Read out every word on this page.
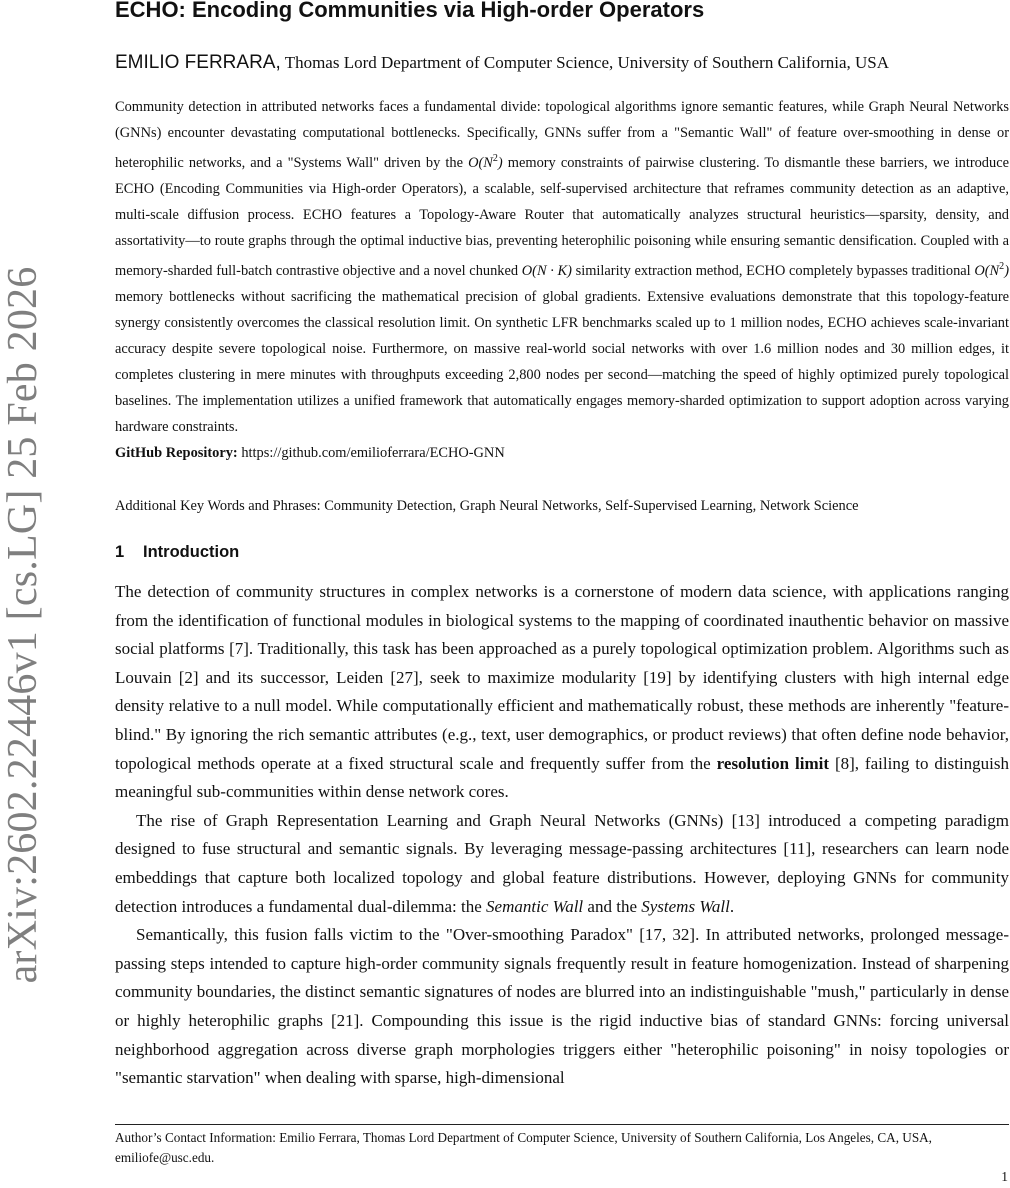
arXiv:2602.22446v1 [cs.LG] 25 Feb 2026
ECHO: Encoding Communities via High-order Operators
EMILIO FERRARA, Thomas Lord Department of Computer Science, University of Southern California, USA

Community detection in attributed networks faces a fundamental divide: topological algorithms ignore semantic features, while Graph Neural Networks (GNNs) encounter devastating computational bottlenecks. Specifically, GNNs suffer from a "Semantic Wall" of feature over-smoothing in dense or heterophilic networks, and a "Systems Wall" driven by the $O(N^2)$ memory constraints of pairwise clustering. To dismantle these barriers, we introduce ECHO (Encoding Communities via High-order Operators), a scalable, self-supervised architecture that reframes community detection as an adaptive, multi-scale diffusion process. ECHO features a Topology-Aware Router that automatically analyzes structural heuristics—sparsity, density, and assortativity—to route graphs through the optimal inductive bias, preventing heterophilic poisoning while ensuring semantic densification. Coupled with a memory-sharded full-batch contrastive objective and a novel chunked O(N · K) similarity extraction method, ECHO completely bypasses traditional $O(N^2)$ memory bottlenecks without sacrificing the mathematical precision of global gradients. Extensive evaluations demonstrate that this topology-feature synergy consistently overcomes the classical resolution limit. On synthetic LFR benchmarks scaled up to 1 million nodes, ECHO achieves scale-invariant accuracy despite severe topological noise. Furthermore, on massive real-world social networks with over 1.6 million nodes and 30 million edges, it completes clustering in mere minutes with throughputs exceeding 2,800 nodes per second—matching the speed of highly optimized purely topological baselines. The implementation utilizes a unified framework that automatically engages memory-sharded optimization to support adoption across varying hardware constraints.

GitHub Repository: https://github.com/emilioferrara/ECHO-GNN

Additional Key Words and Phrases: Community Detection, Graph Neural Networks, Self-Supervised Learning, Network Science
1 Introduction

The detection of community structures in complex networks is a cornerstone of modern data science, with applications ranging from the identification of functional modules in biological systems to the mapping of coordinated inauthentic behavior on massive social platforms [7]. Traditionally, this task has been approached as a purely topological optimization problem. Algorithms such as Louvain [2] and its successor, Leiden [27], seek to maximize modularity [19] by identifying clusters with high internal edge density relative to a null model. While computationally efficient and mathematically robust, these methods are inherently "feature-blind." By ignoring the rich semantic attributes (e.g., text, user demographics, or product reviews) that often define node behavior, topological methods operate at a fixed structural scale and frequently suffer from the resolution limit [8], failing to distinguish meaningful sub-communities within dense network cores.

The rise of Graph Representation Learning and Graph Neural Networks (GNNs) [13] introduced a competing paradigm designed to fuse structural and semantic signals. By leveraging message-passing architectures [11], researchers can learn node embeddings that capture both localized topology and global feature distributions. However, deploying GNNs for community detection introduces a fundamental dual-dilemma: the Semantic Wall and the Systems Wall.

Semantically, this fusion falls victim to the "Over-smoothing Paradox" [17, 32]. In attributed networks, prolonged message-passing steps intended to capture high-order community signals frequently result in feature homogenization. Instead of sharpening community boundaries, the distinct semantic signatures of nodes are blurred into an indistinguishable "mush," particularly in dense or highly heterophilic graphs [21]. Compounding this issue is the rigid inductive bias of standard GNNs: forcing universal neighborhood aggregation across diverse graph morphologies triggers either "heterophilic poisoning" in noisy topologies or "semantic starvation" when dealing with sparse, high-dimensional

Author’s Contact Information: Emilio Ferrara, Thomas Lord Department of Computer Science, University of Southern California, Los Angeles, CA, USA, emiliofe@usc.edu.
1
